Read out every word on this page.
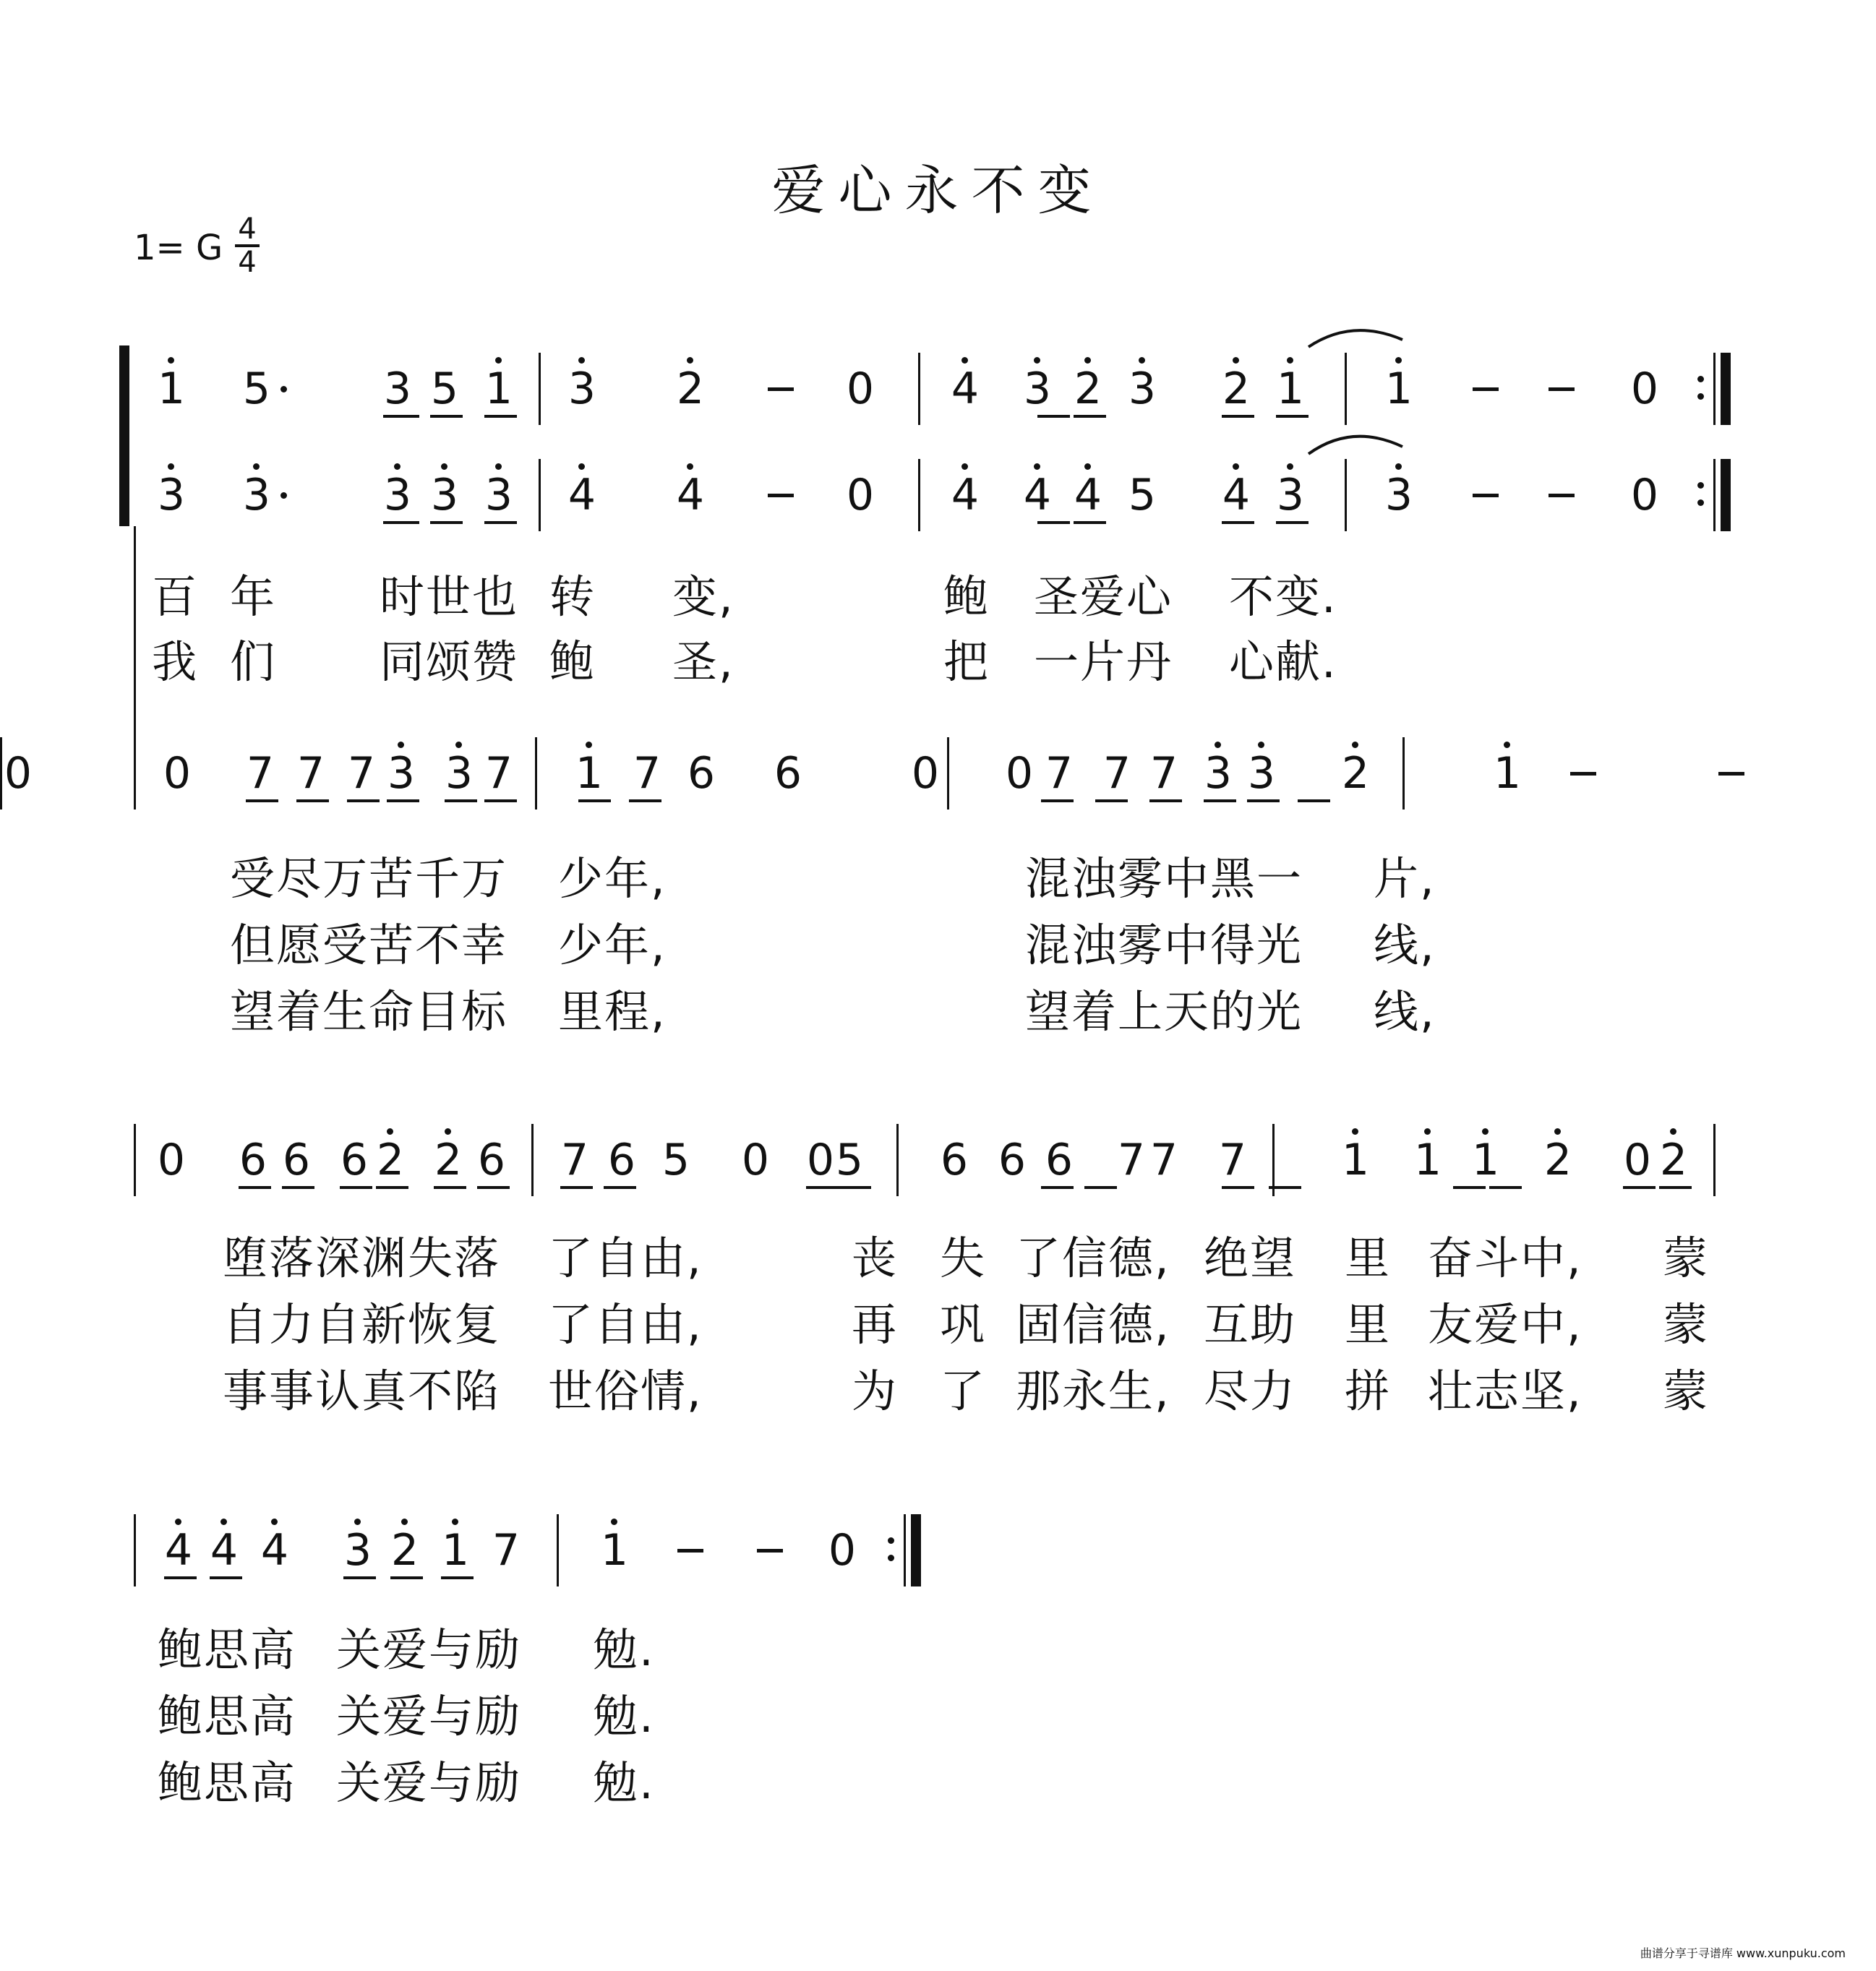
爱心永不变
1= G 4
4
1 5	3 5 1 3 2	0 4 3 2 3 2 1 1	0
3 3	3 3 3 4 4	0 4 4 4 5 4 3 3	0
0 7 7 7 3 3 7 1 7 6 6	0 0 7 7 7 3 3 2	1
0
0 6 6 6 2 2 6 7 6 5 0 0 5 6 6 6 7 7 7 1 1 1 2 0 2
4 4 4 3 2 1 7 1	0
百 年 时世也 转 变,	鲍 圣爱心 不变.
我 们 同颂赞 鲍 圣,	把 一片丹 心献.
受尽万苦千万 少年,	混浊雾中黑一 片,
但愿受苦不幸 少年,	混浊雾中得光 线,
望着生命目标 里程,	望着上天的光 线,
堕落深渊失落 了自由,	丧 失 了信德, 绝望 里 奋斗中, 蒙
自力自新恢复 了自由,	再 巩 固信德, 互助 里 友爱中, 蒙
事事认真不陷 世俗情,	为 了 那永生, 尽力 拼 壮志坚, 蒙
鲍思高 关爱与励 勉.
鲍思高 关爱与励 勉.
鲍思高 关爱与励 勉.
曲谱分享于寻谱库 www.xunpuku.com
